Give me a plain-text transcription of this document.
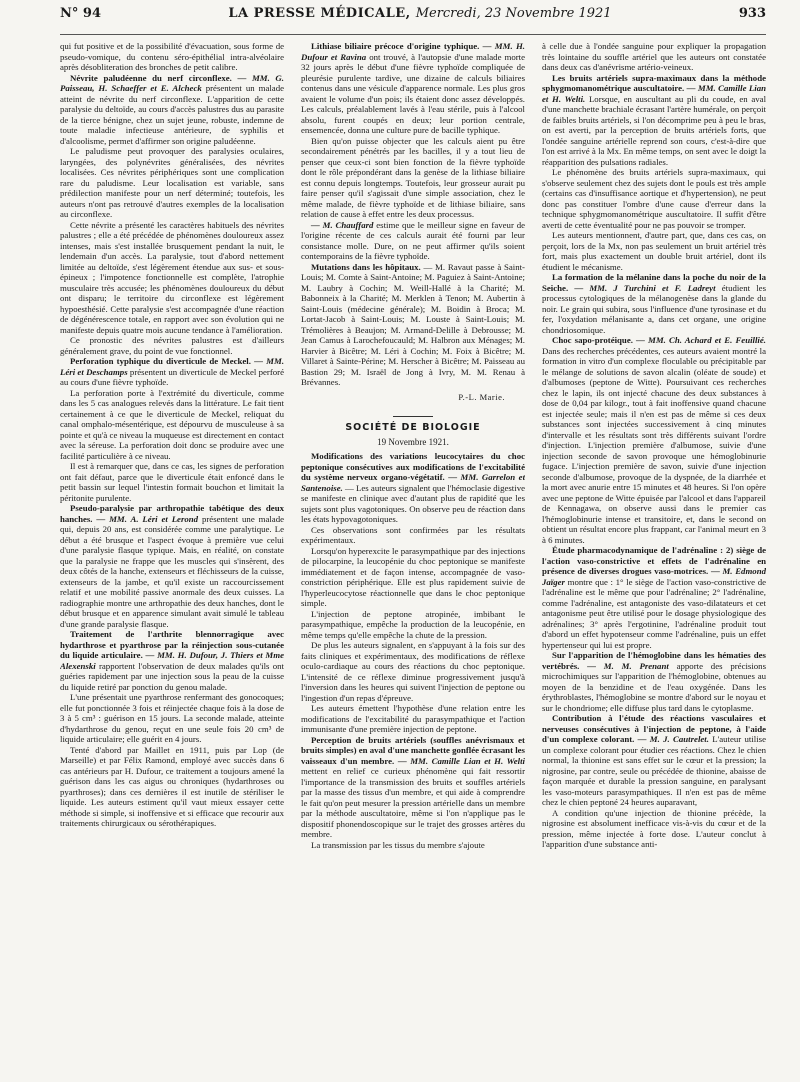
N° 94	LA PRESSE MÉDICALE, Mercredi, 23 Novembre 1921	933

qui fut positive et de la possibilité d'évacuation, sous forme de pseudo-vomique, du contenu séro-épithélial intra-alvéolaire après désobliteration des bronches de petit calibre.

Névrite paludéenne du nerf circonflexe. — MM. G. Paisseau, H. Schaeffer et E. Alcheck présentent un malade atteint de névrite du nerf circonflexe. L'apparition de cette paralysie du deltoïde, au cours d'accès palustres dus au parasite de la tierce bénigne, chez un sujet jeune, robuste, indemne de toute maladie infectieuse antérieure, de syphilis et d'alcoolisme, permet d'affirmer son origine paludéenne.

Le paludisme peut provoquer des paralysies oculaires, laryngées, des polynévrites généralisées, des névrites localisées. Ces névrites périphériques sont une complication rare du paludisme. Leur localisation est variable, sans prédilection manifeste pour un nerf déterminé; toutefois, les auteurs n'ont pas retrouvé d'autres exemples de la localisation au circonflexe.

Cette névrite a présenté les caractères habituels des névrites palustres ; elle a été précédée de phénomènes douloureux assez intenses, mais s'est installée brusquement pendant la nuit, le lendemain d'un accès. La paralysie, tout d'abord nettement limitée au deltoïde, s'est légèrement étendue aux sus- et sous-épineux ; l'impotence fonctionnelle est complète, l'atrophie musculaire très accusée; les phénomènes douloureux du début ont disparu; le territoire du circonflexe est légèrement hypoesthésié. Cette paralysie s'est accompagnée d'une réaction de dégénérescence totale, en rapport avec son évolution qui ne manifeste depuis quatre mois aucune tendance à l'amélioration.

Ce pronostic des névrites palustres est d'ailleurs généralement grave, du point de vue fonctionnel.

Perforation typhique du diverticule de Meckel. — MM. Léri et Deschamps présentent un diverticule de Meckel perforé au cours d'une fièvre typhoïde.

La perforation porte à l'extrémité du diverticule, comme dans les 5 cas analogues relevés dans la littérature. Le fait tient certainement à ce que le diverticule de Meckel, reliquat du canal omphalo-mésentérique, est dépourvu de musculeuse à sa pointe et qu'à ce niveau la muqueuse est directement en contact avec la séreuse. La perforation doit donc se produire avec une facilité particulière à ce niveau.

Il est à remarquer que, dans ce cas, les signes de perforation ont fait défaut, parce que le diverticule était enfoncé dans le petit bassin sur lequel l'intestin formait bouchon et limitait la péritonite purulente.

Pseudo-paralysie par arthropathie tabétique des deux hanches. — MM. A. Léri et Lerond présentent une malade qui, depuis 20 ans, est considérée comme une paralytique. Le début a été brusque et l'aspect évoque à première vue celui d'une paralysie flasque typique. Mais, en réalité, on constate que la paralysie ne frappe que les muscles qui s'insèrent, des deux côtés de la hanche, extenseurs et fléchisseurs de la cuisse, extenseurs de la jambe, et qu'il existe un raccourcissement relatif et une mobilité passive anormale des deux cuisses. La radiographie montre une arthropathie des deux hanches, dont le début brusque et en apparence simulant avait simulé le tableau d'une grande paralysie flasque.

Traitement de l'arthrite blennorragique avec hydarthrose et pyarthrose par la réinjection sous-cutanée du liquide articulaire. — MM. H. Dufour, J. Thiers et Mme Alexenski rapportent l'observation de deux malades qu'ils ont guéries rapidement par une injection sous la peau de la cuisse du liquide retiré par ponction du genou malade.

L'une présentait une pyarthrose renfermant des gonocoques; elle fut ponctionnée 3 fois et réinjectée chaque fois à la dose de 3 à 5 cm³ : guérison en 15 jours. La seconde malade, atteinte d'hydarthrose du genou, reçut en une seule fois 20 cm³ de liquide articulaire; elle guérit en 4 jours.

Tenté d'abord par Maillet en 1911, puis par Lop (de Marseille) et par Félix Ramond, employé avec succès dans 6 cas antérieurs par H. Dufour, ce traitement a toujours amené la guérison dans les cas aigus ou chroniques (hydarthroses ou pyarthroses); dans ces dernières il est inutile de stériliser le liquide. Les auteurs estiment qu'il vaut mieux essayer cette méthode si simple, si inoffensive et si efficace que recourir aux traitements chirurgicaux ou sérothérapiques.

Lithiase biliaire précoce d'origine typhique. — MM. H. Dufour et Ravina ont trouvé, à l'autopsie d'une malade morte 32 jours après le début d'une fièvre typhoïde compliquée de pleurésie purulente tardive, une dizaine de calculs biliaires contenus dans une vésicule d'apparence normale. Les plus gros avaient le volume d'un pois; ils étaient donc assez développés. Les calculs, préalablement lavés à l'eau stérile, puis à l'alcool absolu, furent coupés en deux; leur portion centrale, ensemencée, donna une culture pure de bacille typhique.

Bien qu'on puisse objecter que les calculs aient pu être secondairement pénétrés par les bacilles, il y a tout lieu de penser que ceux-ci sont bien fonction de la fièvre typhoïde dont le rôle prépondérant dans la genèse de la lithiase biliaire est connu depuis longtemps. Toutefois, leur grosseur aurait pu faire penser qu'il s'agissait d'une simple association, chez le même malade, de fièvre typhoïde et de lithiase biliaire, sans relation de cause à effet entre les deux processus.

— M. Chauffard estime que le meilleur signe en faveur de l'origine récente de ces calculs aurait été fourni par leur consistance molle. Dure, on ne peut affirmer qu'ils soient contemporains de la fièvre typhoïde.

Mutations dans les hôpitaux. — M. Ravaut passe à Saint-Louis; M. Comte à Saint-Antoine; M. Paguiez à Saint-Antoine; M. Laubry à Cochin; M. Weill-Hallé à la Charité; M. Babonneix à la Charité; M. Merklen à Tenon; M. Aubertin à Saint-Louis (médecine générale); M. Boidin à Broca; M. Lortat-Jacob à Saint-Louis; M. Louste à Saint-Louis; M. Trémolières à Beaujon; M. Armand-Delille à Debrousse; M. Jean Camus à Larochefoucauld; M. Halbron aux Ménages; M. Harvier à Bicêtre; M. Léri à Cochin; M. Foix à Bicêtre; M. Villaret à Sainte-Périne; M. Herscher à Bicêtre; M. Paisseau au Bastion 29; M. Israël de Jong à Ivry, M. M. Renau à Brévannes.

P.-L. Marie.
SOCIÉTÉ DE BIOLOGIE
19 Novembre 1921.

Modifications des variations leucocytaires du choc peptonique consécutives aux modifications de l'excitabilité du système nerveux organo-végétatif. — MM. Garrelon et Santenoise. — Les auteurs signalent que l'hémoclasie digestive se manifeste en clinique avec d'autant plus de rapidité que les sujets sont plus vagotoniques. On observe peu de réaction dans les états hypovagotoniques.

Ces observations sont confirmées par les résultats expérimentaux.

Lorsqu'on hyperexcite le parasympathique par des injections de pilocarpine, la leucopénie du choc peptonique se manifeste immédiatement et de façon intense, accompagnée de vaso-constriction périphérique. Elle est plus rapidement suivie de l'hyperleucocytose réactionnelle que dans le choc peptonique simple.

L'injection de peptone atropinée, imbibant le parasympathique, empêche la production de la leucopénie, en même temps qu'elle empêche la chute de la pression.

De plus les auteurs signalent, en s'appuyant à la fois sur des faits cliniques et expérimentaux, des modifications de réflexe oculo-cardiaque au cours des réactions du choc peptonique. L'intensité de ce réflexe diminue progressivement jusqu'à l'inversion dans les heures qui suivent l'injection de peptone ou l'ingestion d'un repas d'épreuve.

Les auteurs émettent l'hypothèse d'une relation entre les modifications de l'excitabilité du parasympathique et l'action immunisante d'une première injection de peptone.

Perception de bruits artériels (souffles anévrismaux et bruits simples) en aval d'une manchette gonflée écrasant les vaisseaux d'un membre. — MM. Camille Lian et H. Welti mettent en relief ce curieux phénomène qui fait ressortir l'importance de la transmission des bruits et souffles artériels par la masse des tissus d'un membre, et qui aide à comprendre le fait qu'on peut mesurer la pression artérielle dans un membre par la méthode auscultatoire, même si l'on n'applique pas le dispositif phonendoscopique sur le trajet des grosses artères du membre.

La transmission par les tissus du membre s'ajoute

à celle due à l'ondée sanguine pour expliquer la propagation très lointaine du souffle artériel que les auteurs ont constatée dans deux cas d'anévrisme artério-veineux.

Les bruits artériels supra-maximaux dans la méthode sphygmomanométrique auscultatoire. — MM. Camille Lian et H. Welti. Lorsque, en auscultant au pli du coude, en aval d'une manchette brachiale écrasant l'artère humérale, on perçoit de faibles bruits artériels, si l'on décomprime peu à peu le bras, on est averti, par la perception de bruits artériels forts, que l'ondée sanguine artérielle reprend son cours, c'est-à-dire que l'on est arrivé à la Mx. En même temps, on sent avec le doigt la réapparition des pulsations radiales.

Le phénomène des bruits artériels supra-maximaux, qui s'observe seulement chez des sujets dont le pouls est très ample (certains cas d'insuffisance aortique et d'hypertension), ne peut donc pas constituer l'ombre d'une cause d'erreur dans la technique sphygmomanométrique auscultatoire. Il suffit d'être averti de cette éventualité pour ne pas pouvoir se tromper.

Les auteurs mentionnent, d'autre part, que, dans ces cas, on perçoit, lors de la Mx, non pas seulement un bruit artériel très fort, mais plus exactement un double bruit artériel, dont ils étudient le mécanisme.

La formation de la mélanine dans la poche du noir de la Seiche. — MM. J Turchini et F. Ladreyt étudient les processus cytologiques de la mélanogenèse dans la glande du noir. Le grain qui subira, sous l'influence d'une tyrosinase et du fer, l'oxydation mélanisante a, dans cet organe, une origine chondriosomique.

Choc sapo-protéique. — MM. Ch. Achard et E. Feuillié. Dans des recherches précédentes, ces auteurs avaient montré la formation in vitro d'un complexe floculable ou précipitable par le mélange de solutions de savon alcalin (oléate de soude) et d'albumoses (peptone de Witte). Poursuivant ces recherches chez le lapin, ils ont injecté chacune des deux substances à dose de 0,04 par kilogr., tout à fait inoffensive quand chacune est injectée seule; mais il n'en est pas de même si ces deux substances sont injectées successivement à cinq minutes d'intervalle et les résultats sont très différents suivant l'ordre d'injection. L'injection première d'albumose, suivie d'une injection seconde de savon provoque une hémoglobinurie fugace. L'injection première de savon, suivie d'une injection seconde d'albumose, provoque de la dyspnée, de la diarrhée et la mort avec anurie entre 15 minutes et 48 heures. Si l'on opère avec une peptone de Witte épuisée par l'alcool et dans l'appareil de Kennagawa, on observe aussi dans le premier cas l'hémoglobinurie intense et transitoire, et, dans le second on obtient un résultat encore plus frappant, car l'animal meurt en 3 à 6 minutes.

Étude pharmacodynamique de l'adrénaline : 2) siège de l'action vaso-constrictive et effets de l'adrénaline en présence de diverses drogues vaso-motrices. — M. Edmond Jaïger montre que : 1° le siège de l'action vaso-constrictive de l'adrénaline est le même que pour l'adrénaline; 2° l'adrénaline, comme l'adrénaline, est antagoniste des vaso-dilatateurs et cet antagonisme peut être utilisé pour le dosage physiologique des adrénalines; 3° après l'ergotinine, l'adrénaline produit tout d'abord un effet hypotenseur comme l'adrénaline, puis un effet hypertenseur qui lui est propre.

Sur l'apparition de l'hémoglobine dans les hématies des vertébrés. — M. M. Prenant apporte des précisions microchimiques sur l'apparition de l'hémoglobine, obtenues au moyen de la benzidine et de l'eau oxygénée. Dans les érythroblastes, l'hémoglobine se montre d'abord sur le noyau et sur le chondriome; elle diffuse plus tard dans le cytoplasme.

Contribution à l'étude des réactions vasculaires et nerveuses consécutives à l'injection de peptone, à l'aide d'un complexe colorant. — M. J. Cautrelet. L'auteur utilise un complexe colorant pour étudier ces réactions. Chez le chien normal, la thionine est sans effet sur le cœur et la pression; la nigrosine, par contre, seule ou précédée de thionine, abaisse de façon marquée et durable la pression sanguine, en paralysant les vaso-moteurs parasympathiques. Il n'en est pas de même chez le chien peptoné 24 heures auparavant,

A condition qu'une injection de thionine précède, la nigrosine est absolument inefficace vis-à-vis du cœur et de la pression, même injectée à forte dose. L'auteur conclut à l'apparition d'une substance anti-
